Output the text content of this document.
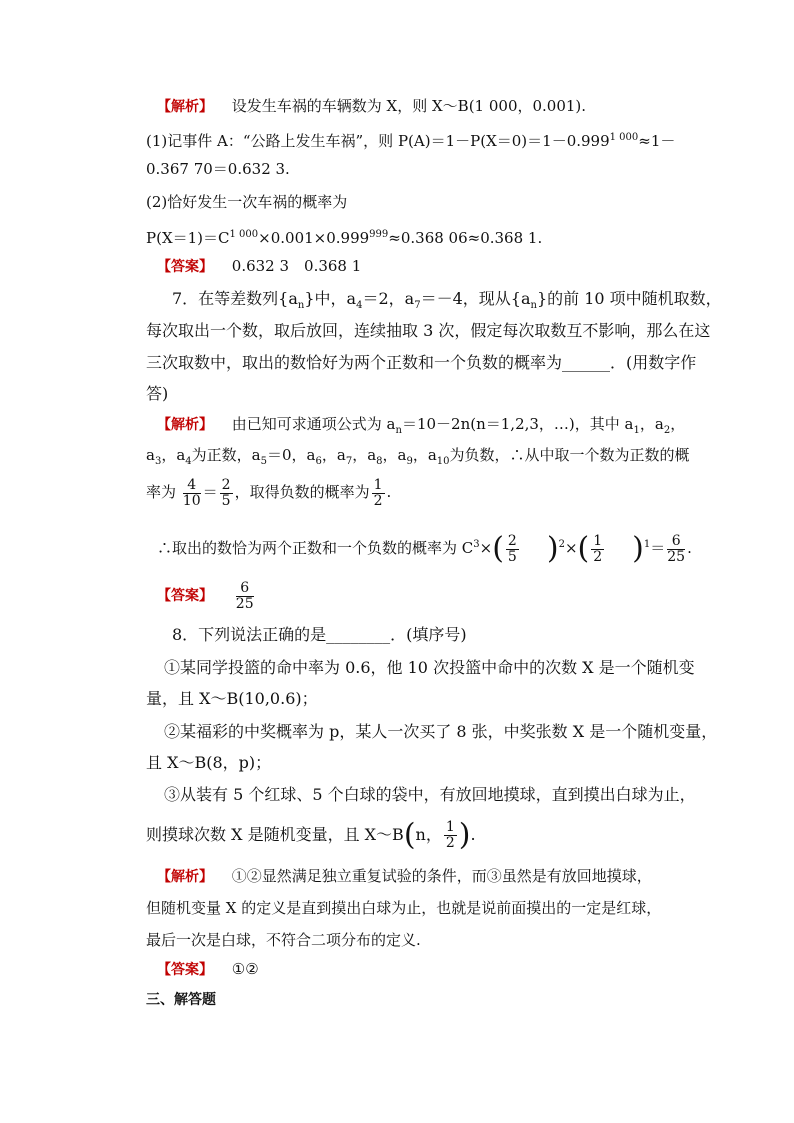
【解析】 设发生车祸的车辆数为 X，则 X～B(1 000，0.001).
(1)记事件 A：“公路上发生车祸”，则 $P(A)=1-P(X=0)=1-0.999^{1 000}\approx 1-$
0.367 70＝0.632 3.
(2)恰好发生一次车祸的概率为
$P(X=1)=C^{1 000}\times 0.001\times 0.999^{999}\approx 0.368$ 06≈0.368 1.
【答案】 0.632 3　0.368 1
7．在等差数列$\{a_n\}$中，$a_4=2$，$a_7=-4$，现从$\{a_n\}$的前 10 项中随机取数，
每次取出一个数，取后放回，连续抽取 3 次，假定每次取数互不影响，那么在这
三次取数中，取出的数恰好为两个正数和一个负数的概率为______．(用数字作
答)
【解析】 由已知可求通项公式为 $a_n=10-2n(n=1,2,3$，…)，其中 $a_1$，$a_2$，
$a_3$，$a_4$为正数，$a_5=0$，$a_6$，$a_7$，$a_8$，$a_9$，$a_{10}$为负数，∴从中取一个数为正数的概
率为 $\frac{4}{10} = \frac{2}{5}$ ，取得负数的概率为 $\frac{1}{2}$ .
∴取出的数恰为两个正数和一个负数的概率为 $C^3\times( \frac{2}{5} )^2\times( \frac{1}{2} )^1= \frac{6}{25}$ .
【答案】 $\frac{6}{25}$
8．下列说法正确的是________．(填序号)
①某同学投篮的命中率为 0.6，他 10 次投篮中命中的次数 X 是一个随机变
量，且 X～B(10,0.6)；
②某福彩的中奖概率为 p，某人一次买了 8 张，中奖张数 X 是一个随机变量，
且 X～B(8，p)；
③从装有 5 个红球、5 个白球的袋中，有放回地摸球，直到摸出白球为止，
则摸球次数 X 是随机变量，且 X～B(n， $\frac{1}{2}$ ).
【解析】 ①②显然满足独立重复试验的条件，而③虽然是有放回地摸球，
但随机变量 X 的定义是直到摸出白球为止，也就是说前面摸出的一定是红球，
最后一次是白球，不符合二项分布的定义.
【答案】 ①②
三、解答题
